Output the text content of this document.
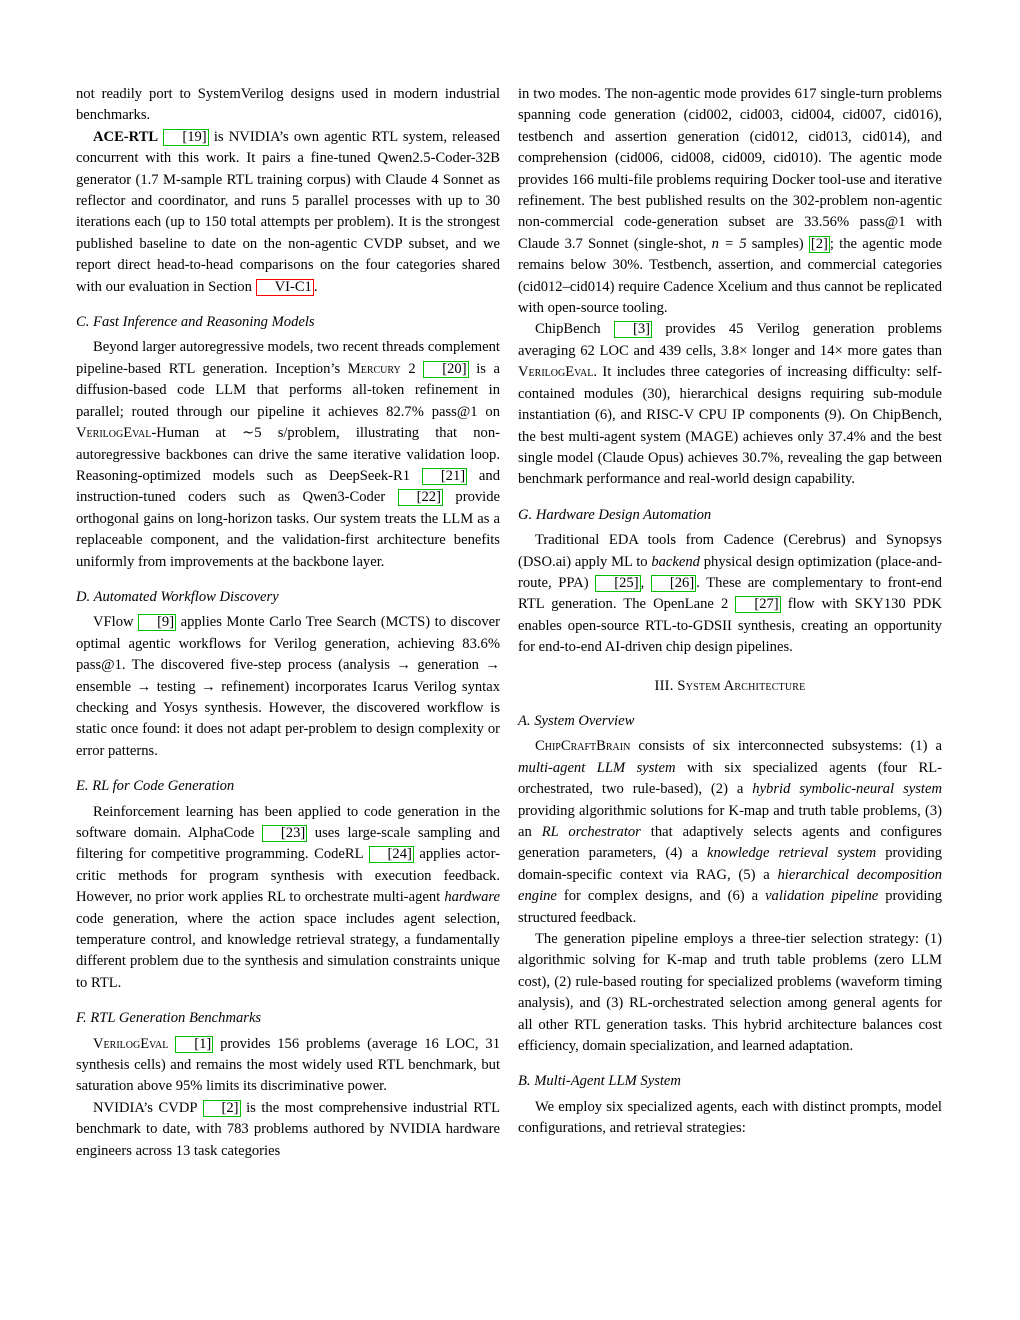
not readily port to SystemVerilog designs used in modern industrial benchmarks.

ACE-RTL [19] is NVIDIA’s own agentic RTL system, released concurrent with this work. It pairs a fine-tuned Qwen2.5-Coder-32B generator (1.7 M-sample RTL training corpus) with Claude 4 Sonnet as reflector and coordinator, and runs 5 parallel processes with up to 30 iterations each (up to 150 total attempts per problem). It is the strongest published baseline to date on the non-agentic CVDP subset, and we report direct head-to-head comparisons on the four categories shared with our evaluation in Section VI-C1 .

C. Fast Inference and Reasoning Models

Beyond larger autoregressive models, two recent threads complement pipeline-based RTL generation. Inception’s Mercury 2 [20] is a diffusion-based code LLM that performs all-token refinement in parallel; routed through our pipeline it achieves 82.7% pass@1 on VerilogEval-Human at ∼5 s/problem, illustrating that non-autoregressive backbones can drive the same iterative validation loop. Reasoning-optimized models such as DeepSeek-R1 [21] and instruction-tuned coders such as Qwen3-Coder [22] provide orthogonal gains on long-horizon tasks. Our system treats the LLM as a replaceable component, and the validation-first architecture benefits uniformly from improvements at the backbone layer.

D. Automated Workflow Discovery

VFlow [9] applies Monte Carlo Tree Search (MCTS) to discover optimal agentic workflows for Verilog generation, achieving 83.6% pass@1. The discovered five-step process (analysis → generation → ensemble → testing → refinement) incorporates Icarus Verilog syntax checking and Yosys synthesis. However, the discovered workflow is static once found: it does not adapt per-problem to design complexity or error patterns.

E. RL for Code Generation

Reinforcement learning has been applied to code generation in the software domain. AlphaCode [23] uses large-scale sampling and filtering for competitive programming. CodeRL [24] applies actor-critic methods for program synthesis with execution feedback. However, no prior work applies RL to orchestrate multi-agent hardware code generation, where the action space includes agent selection, temperature control, and knowledge retrieval strategy, a fundamentally different problem due to the synthesis and simulation constraints unique to RTL.

F. RTL Generation Benchmarks

VerilogEval [1] provides 156 problems (average 16 LOC, 31 synthesis cells) and remains the most widely used RTL benchmark, but saturation above 95% limits its discriminative power.

NVIDIA’s CVDP [2] is the most comprehensive industrial RTL benchmark to date, with 783 problems authored by NVIDIA hardware engineers across 13 task categories

in two modes. The non-agentic mode provides 617 single-turn problems spanning code generation (cid002, cid003, cid004, cid007, cid016), testbench and assertion generation (cid012, cid013, cid014), and comprehension (cid006, cid008, cid009, cid010). The agentic mode provides 166 multi-file problems requiring Docker tool-use and iterative refinement. The best published results on the 302-problem non-agentic non-commercial code-generation subset are 33.56% pass@1 with Claude 3.7 Sonnet (single-shot, n = 5 samples) [2] ; the agentic mode remains below 30%. Testbench, assertion, and commercial categories (cid012–cid014) require Cadence Xcelium and thus cannot be replicated with open-source tooling.

ChipBench [3] provides 45 Verilog generation problems averaging 62 LOC and 439 cells, 3.8× longer and 14× more gates than VerilogEval. It includes three categories of increasing difficulty: self-contained modules (30), hierarchical designs requiring sub-module instantiation (6), and RISC-V CPU IP components (9). On ChipBench, the best multi-agent system (MAGE) achieves only 37.4% and the best single model (Claude Opus) achieves 30.7%, revealing the gap between benchmark performance and real-world design capability.

G. Hardware Design Automation

Traditional EDA tools from Cadence (Cerebrus) and Synopsys (DSO.ai) apply ML to backend physical design optimization (place-and-route, PPA) [25] , [26] . These are complementary to front-end RTL generation. The OpenLane 2 [27] flow with SKY130 PDK enables open-source RTL-to-GDSII synthesis, creating an opportunity for end-to-end AI-driven chip design pipelines.

III. System Architecture
A. System Overview

ChipCraftBrain consists of six interconnected subsystems: (1) a multi-agent LLM system with six specialized agents (four RL-orchestrated, two rule-based), (2) a hybrid symbolic-neural system providing algorithmic solutions for K-map and truth table problems, (3) an RL orchestrator that adaptively selects agents and configures generation parameters, (4) a knowledge retrieval system providing domain-specific context via RAG, (5) a hierarchical decomposition engine for complex designs, and (6) a validation pipeline providing structured feedback.

The generation pipeline employs a three-tier selection strategy: (1) algorithmic solving for K-map and truth table problems (zero LLM cost), (2) rule-based routing for specialized problems (waveform timing analysis), and (3) RL-orchestrated selection among general agents for all other RTL generation tasks. This hybrid architecture balances cost efficiency, domain specialization, and learned adaptation.

B. Multi-Agent LLM System

We employ six specialized agents, each with distinct prompts, model configurations, and retrieval strategies:
